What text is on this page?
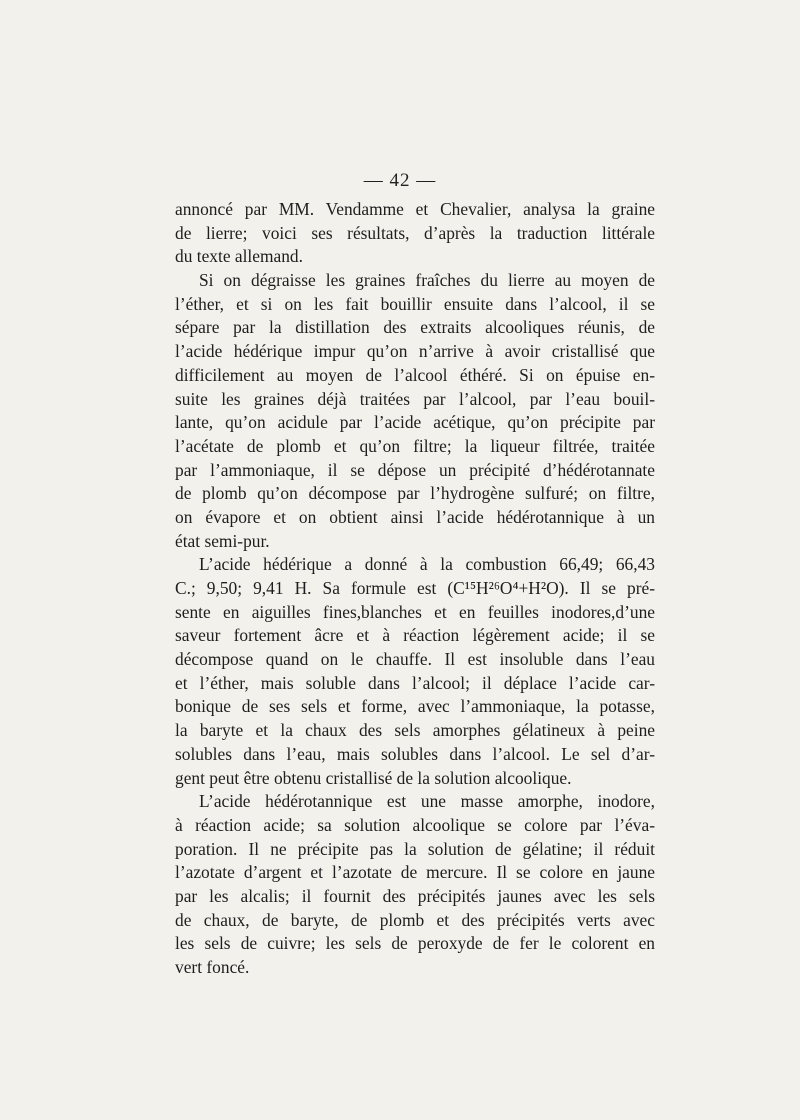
— 42 —
annoncé par MM. Vendamme et Chevalier, analysa la graine
de lierre; voici ses résultats, d’après la traduction littérale
du texte allemand.
Si on dégraisse les graines fraîches du lierre au moyen de
l’éther, et si on les fait bouillir ensuite dans l’alcool, il se
sépare par la distillation des extraits alcooliques réunis, de
l’acide hédérique impur qu’on n’arrive à avoir cristallisé que
difficilement au moyen de l’alcool éthéré. Si on épuise en-
suite les graines déjà traitées par l’alcool, par l’eau bouil-
lante, qu’on acidule par l’acide acétique, qu’on précipite par
l’acétate de plomb et qu’on filtre; la liqueur filtrée, traitée
par l’ammoniaque, il se dépose un précipité d’hédérotannate
de plomb qu’on décompose par l’hydrogène sulfuré; on filtre,
on évapore et on obtient ainsi l’acide hédérotannique à un
état semi-pur.
L’acide hédérique a donné à la combustion 66,49; 66,43
C.; 9,50; 9,41 H. Sa formule est (C¹⁵H²⁶O⁴+H²O). Il se pré-
sente en aiguilles fines,blanches et en feuilles inodores,d’une
saveur fortement âcre et à réaction légèrement acide; il se
décompose quand on le chauffe. Il est insoluble dans l’eau
et l’éther, mais soluble dans l’alcool; il déplace l’acide car-
bonique de ses sels et forme, avec l’ammoniaque, la potasse,
la baryte et la chaux des sels amorphes gélatineux à peine
solubles dans l’eau, mais solubles dans l’alcool. Le sel d’ar-
gent peut être obtenu cristallisé de la solution alcoolique.
L’acide hédérotannique est une masse amorphe, inodore,
à réaction acide; sa solution alcoolique se colore par l’éva-
poration. Il ne précipite pas la solution de gélatine; il réduit
l’azotate d’argent et l’azotate de mercure. Il se colore en jaune
par les alcalis; il fournit des précipités jaunes avec les sels
de chaux, de baryte, de plomb et des précipités verts avec
les sels de cuivre; les sels de peroxyde de fer le colorent en
vert foncé.
